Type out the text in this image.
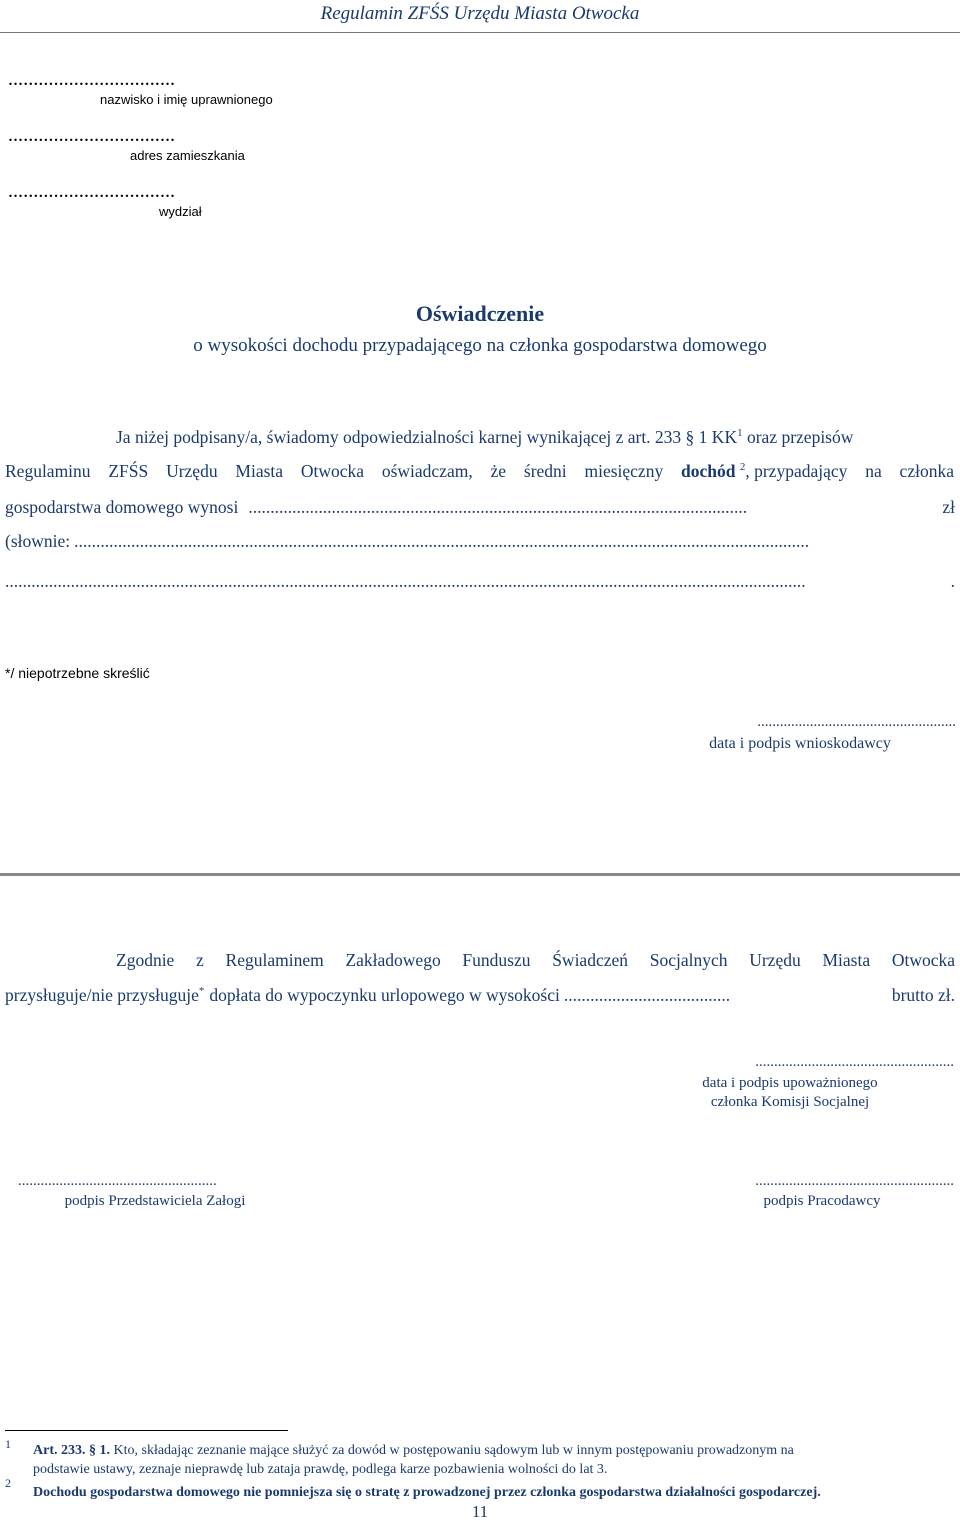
Regulamin ZFŚS Urzędu Miasta Otwocka
……………………………
nazwisko i imię uprawnionego
……………………………
adres zamieszkania
……………………………
wydział
Oświadczenie
o wysokości dochodu przypadającego na członka gospodarstwa domowego
Ja niżej podpisany/a, świadomy odpowiedzialności karnej wynikającej z art. 233 § 1 $KK^1$ oraz przepisów
Regulaminu ZFŚS Urzędu Miasta Otwocka oświadczam, że średni miesięczny dochód $^2$, przypadający na członka
gospodarstwa domowego wynosi ..................................................................................................................	zł
(słownie: ........................................................................................................................................................................
.......................................................................................................................................................................................	.
*/ niepotrzebne skreślić
.....................................................
data i podpis wnioskodawcy
Zgodnie z Regulaminem Zakładowego Funduszu Świadczeń Socjalnych Urzędu Miasta Otwocka
przysługuje/nie przysługuje * dopłata do wypoczynku urlopowego w wysokości ......................................	brutto zł.
.....................................................
data i podpis upoważnionego
członka Komisji Socjalnej
.....................................................
podpis Przedstawiciela Załogi
.....................................................
podpis Pracodawcy
1 Art. 233. § 1. Kto, składając zeznanie mające służyć za dowód w postępowaniu sądowym lub w innym postępowaniu prowadzonym na
podstawie ustawy, zeznaje nieprawdę lub zataja prawdę, podlega karze pozbawienia wolności do lat 3.
2
Dochodu gospodarstwa domowego nie pomniejsza się o stratę z prowadzonej przez członka gospodarstwa działalności gospodarczej.
11
